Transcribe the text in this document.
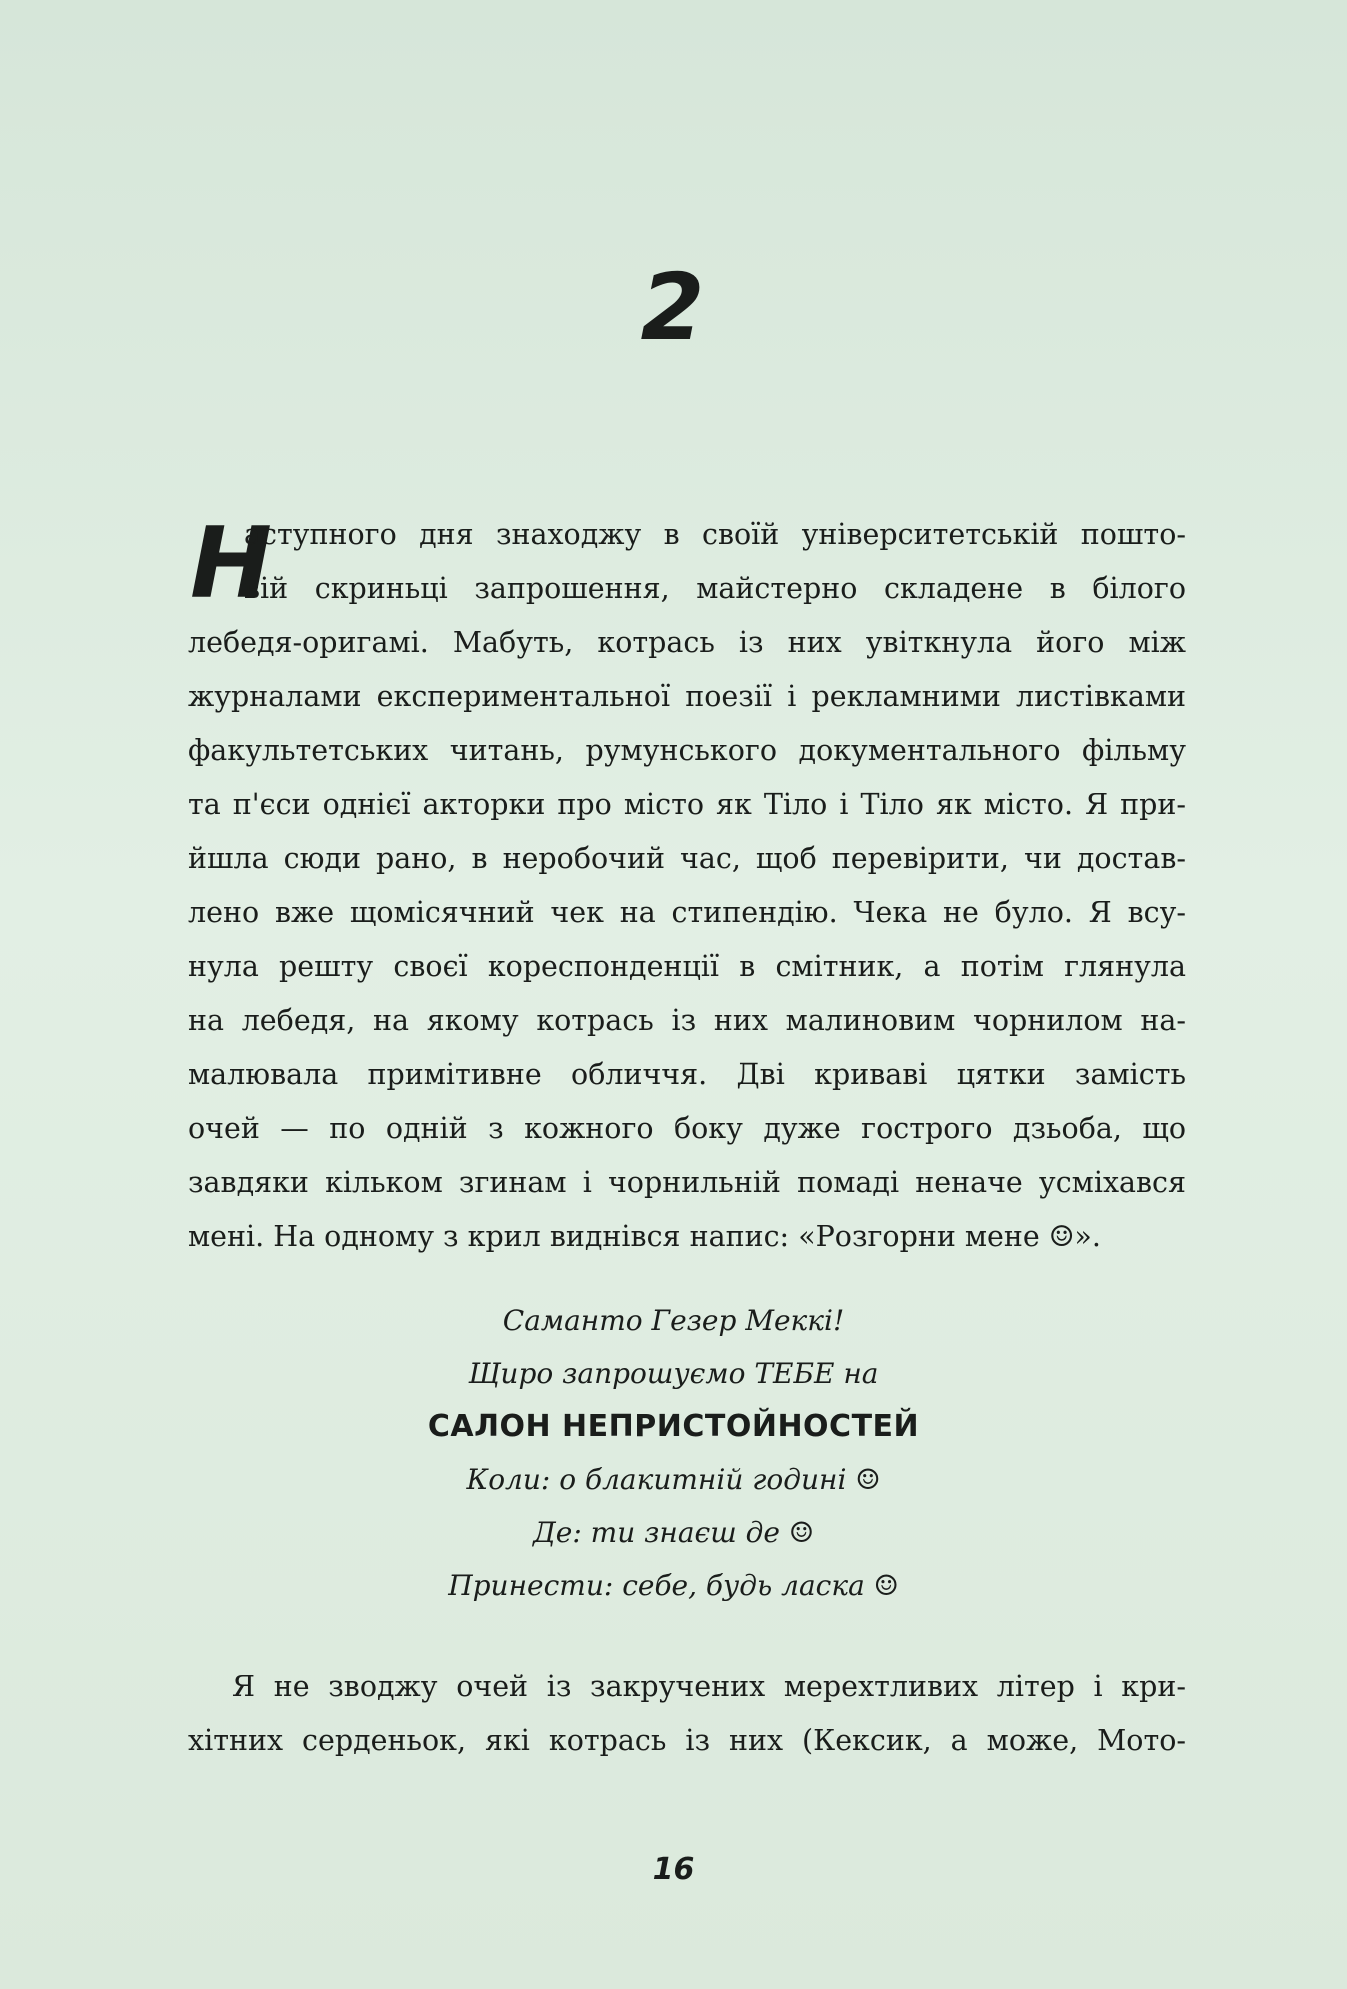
2
Н
аступного дня знаходжу в своїй університетській пошто-
вій скриньці запрошення, майстерно складене в білого
лебедя-оригамі. Мабуть, котрась із них увіткнула його між
журналами експериментальної поезії і рекламними листівками
факультетських читань, румунського документального фільму
та п'єси однієї акторки про місто як Тіло і Тіло як місто. Я при-
йшла сюди рано, в неробочий час, щоб перевірити, чи достав-
лено вже щомісячний чек на стипендію. Чека не було. Я всу-
нула решту своєї кореспонденції в смітник, а потім глянула
на лебедя, на якому котрась із них малиновим чорнилом на-
малювала примітивне обличчя. Дві криваві цятки замість
очей — по одній з кожного боку дуже гострого дзьоба, що
завдяки кільком згинам і чорнильній помаді неначе усміхався
мені. На одному з крил виднівся напис: «Розгорни мене ☺».
Саманто Гезер Меккі!
Щиро запрошуємо ТЕБЕ на
САЛОН НЕПРИСТОЙНОСТЕЙ
Коли: о блакитній годині ☺
Де: ти знаєш де ☺
Принести: себе, будь ласка ☺
Я не зводжу очей із закручених мерехтливих літер і кри-
хітних серденьок, які котрась із них (Кексик, а може, Мото-
16
